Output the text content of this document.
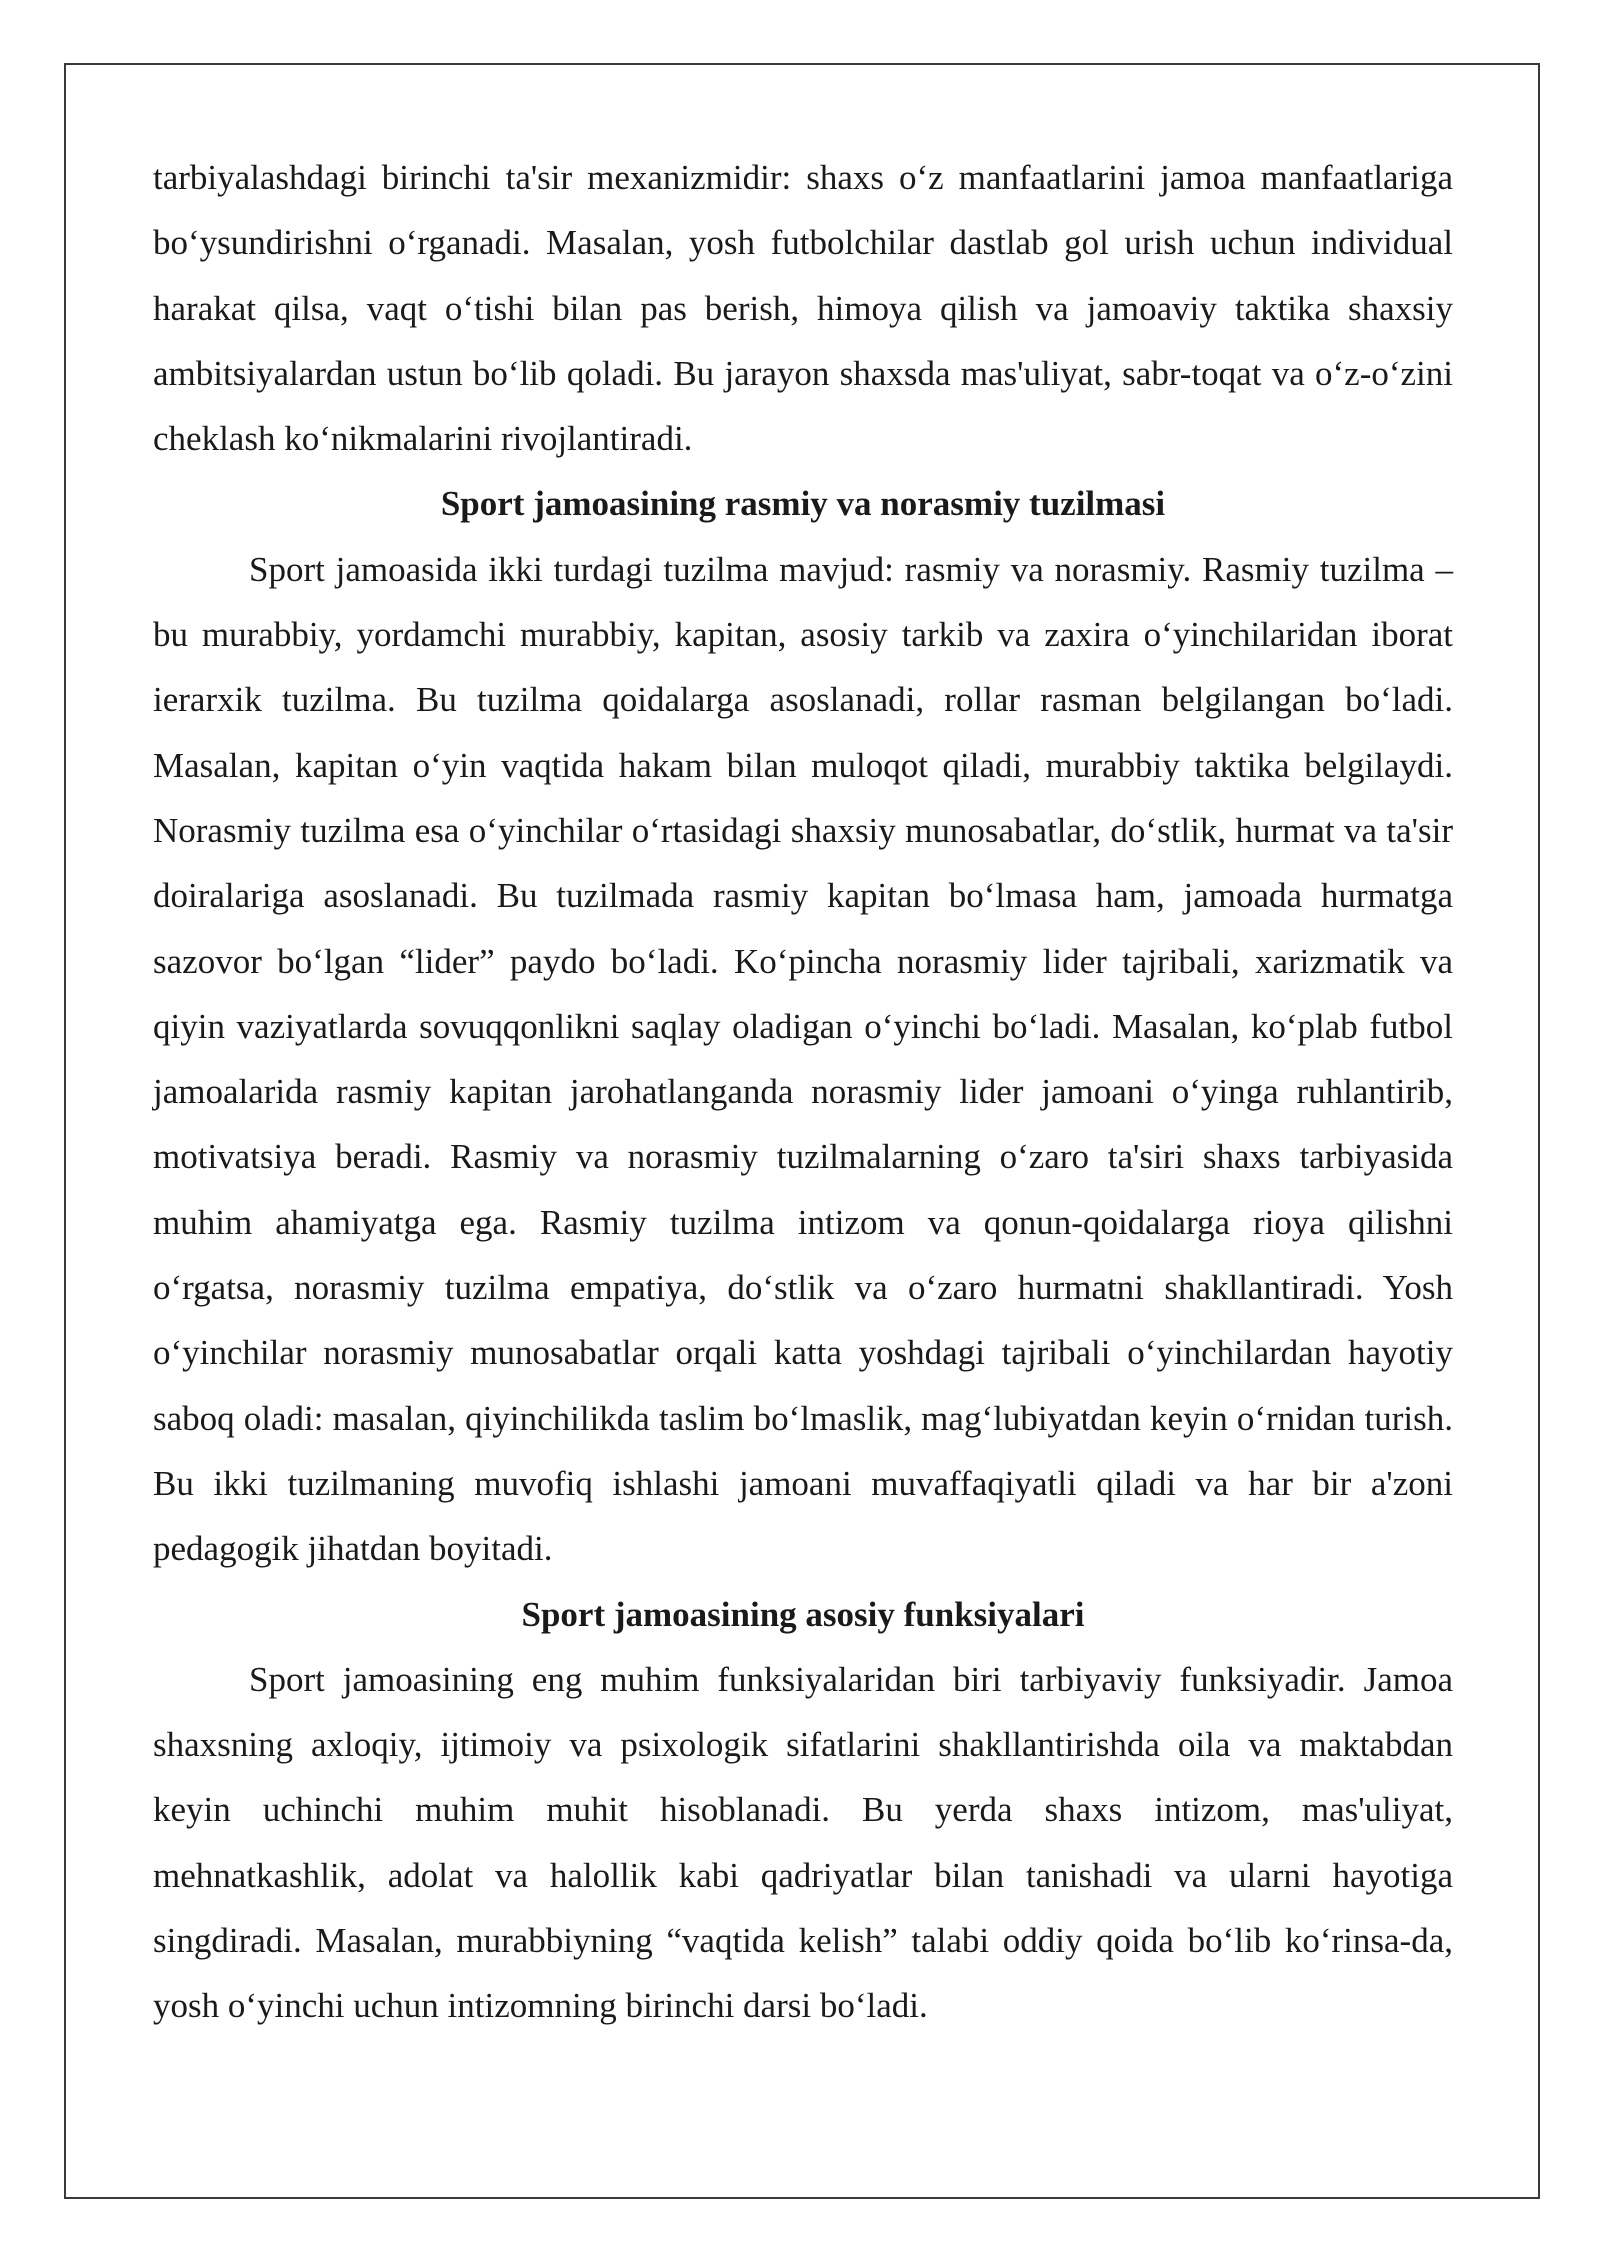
tarbiyalashdagi birinchi ta'sir mexanizmidir: shaxs o‘z manfaatlarini jamoa manfaatlariga bo‘ysundirishni o‘rganadi. Masalan, yosh futbolchilar dastlab gol urish uchun individual harakat qilsa, vaqt o‘tishi bilan pas berish, himoya qilish va jamoaviy taktika shaxsiy ambitsiyalardan ustun bo‘lib qoladi. Bu jarayon shaxsda mas'uliyat, sabr-toqat va o‘z-o‘zini cheklash ko‘nikmalarini rivojlantiradi.

Sport jamoasining rasmiy va norasmiy tuzilmasi

Sport jamoasida ikki turdagi tuzilma mavjud: rasmiy va norasmiy. Rasmiy tuzilma – bu murabbiy, yordamchi murabbiy, kapitan, asosiy tarkib va zaxira o‘yinchilaridan iborat ierarxik tuzilma. Bu tuzilma qoidalarga asoslanadi, rollar rasman belgilangan bo‘ladi. Masalan, kapitan o‘yin vaqtida hakam bilan muloqot qiladi, murabbiy taktika belgilaydi. Norasmiy tuzilma esa o‘yinchilar o‘rtasidagi shaxsiy munosabatlar, do‘stlik, hurmat va ta'sir doiralariga asoslanadi. Bu tuzilmada rasmiy kapitan bo‘lmasa ham, jamoada hurmatga sazovor bo‘lgan “lider” paydo bo‘ladi. Ko‘pincha norasmiy lider tajribali, xarizmatik va qiyin vaziyatlarda sovuqqonlikni saqlay oladigan o‘yinchi bo‘ladi. Masalan, ko‘plab futbol jamoalarida rasmiy kapitan jarohatlanganda norasmiy lider jamoani o‘yinga ruhlantirib, motivatsiya beradi. Rasmiy va norasmiy tuzilmalarning o‘zaro ta'siri shaxs tarbiyasida muhim ahamiyatga ega. Rasmiy tuzilma intizom va qonun-qoidalarga rioya qilishni o‘rgatsa, norasmiy tuzilma empatiya, do‘stlik va o‘zaro hurmatni shakllantiradi. Yosh o‘yinchilar norasmiy munosabatlar orqali katta yoshdagi tajribali o‘yinchilardan hayotiy saboq oladi: masalan, qiyinchilikda taslim bo‘lmaslik, mag‘lubiyatdan keyin o‘rnidan turish. Bu ikki tuzilmaning muvofiq ishlashi jamoani muvaffaqiyatli qiladi va har bir a'zoni pedagogik jihatdan boyitadi.

Sport jamoasining asosiy funksiyalari

Sport jamoasining eng muhim funksiyalaridan biri tarbiyaviy funksiyadir. Jamoa shaxsning axloqiy, ijtimoiy va psixologik sifatlarini shakllantirishda oila va maktabdan keyin uchinchi muhim muhit hisoblanadi. Bu yerda shaxs intizom, mas'uliyat, mehnatkashlik, adolat va halollik kabi qadriyatlar bilan tanishadi va ularni hayotiga singdiradi. Masalan, murabbiyning “vaqtida kelish” talabi oddiy qoida bo‘lib ko‘rinsa-da, yosh o‘yinchi uchun intizomning birinchi darsi bo‘ladi.
